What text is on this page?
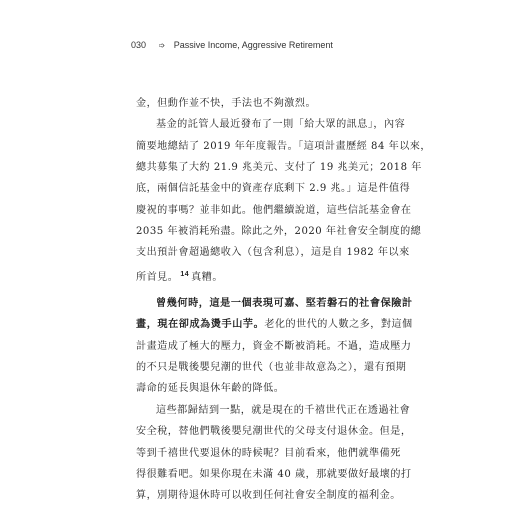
030 ➩ Passive Income, Aggressive Retirement
金，但動作並不快，手法也不夠激烈。
基金的託管人最近發布了一則「給大眾的訊息」，內容
簡要地總結了 2019 年年度報告。「這項計畫歷經 84 年以來，
總共募集了大約 21.9 兆美元、支付了 19 兆美元；2018 年
底，兩個信託基金中的資產存底剩下 2.9 兆。」這是件值得
慶祝的事嗎？並非如此。他們繼續說道，這些信託基金會在
2035 年被消耗殆盡。除此之外，2020 年社會安全制度的總
支出預計會超過總收入（包含利息），這是自 1982 年以來
所首見。 $^{14}$ 真糟。
曾幾何時，這是一個表現可嘉、堅若磐石的社會保險計
畫，現在卻成為燙手山芋。老化的世代的人數之多，對這個
計畫造成了極大的壓力，資金不斷被消耗。不過，造成壓力
的不只是戰後嬰兒潮的世代（也並非故意為之），還有預期
壽命的延長與退休年齡的降低。
這些都歸結到一點，就是現在的千禧世代正在透過社會
安全稅，替他們戰後嬰兒潮世代的父母支付退休金。但是，
等到千禧世代要退休的時候呢？目前看來，他們就準備死
得很難看吧。如果你現在未滿 40 歲，那就要做好最壞的打
算，別期待退休時可以收到任何社會安全制度的福利金。
